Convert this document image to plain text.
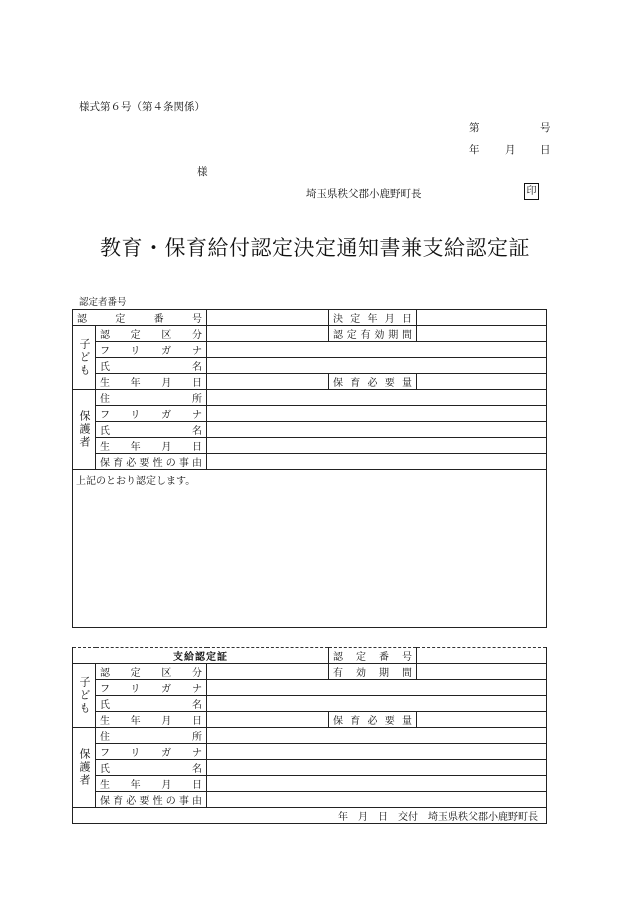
様式第６号（第４条関係）
第	号
年 月 日
様
埼玉県秩父郡小鹿野町長	印
教育・保育給付認定決定通知書兼支給認定証
認定者番号
認　定　番　号			決定年月日	
子ども	認　定　区　分		認定有効期間	
	フリガナ			
	氏　　名			
	生　年　月　日		保育必要量	
保護者	住　　所			
	フリガナ			
	氏　　名			
	生　年　月　日			
	保育必要性の事由			
上記のとおり認定します。				
支給認定証			認　定　番　号	
子ども	認　定　区　分		有　効　期　間	
	フリガナ			
	氏　　名			
	生　年　月　日		保育必要量	
保護者	住　　所			
	フリガナ			
	氏　　名			
	生　年　月　日			
	保育必要性の事由			
年　月　日　交付　埼玉県秩父郡小鹿野町長				
